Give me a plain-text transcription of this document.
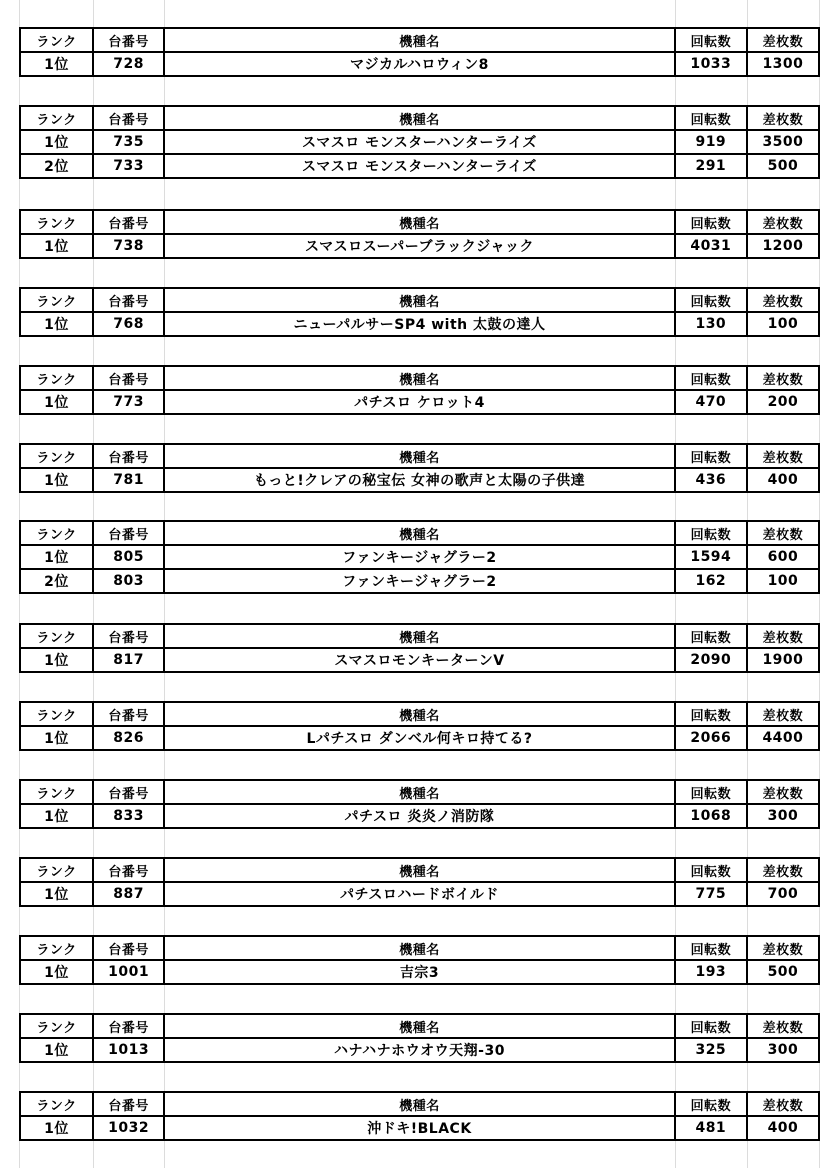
ランク	台番号	機種名	回転数	差枚数
1位	728	マジカルハロウィン8	1033	1300
ランク	台番号	機種名	回転数	差枚数
1位	735	スマスロ モンスターハンターライズ	919	3500
2位	733	スマスロ モンスターハンターライズ	291	500
ランク	台番号	機種名	回転数	差枚数
1位	738	スマスロスーパーブラックジャック	4031	1200
ランク	台番号	機種名	回転数	差枚数
1位	768	ニューパルサーSP4 with 太鼓の達人	130	100
ランク	台番号	機種名	回転数	差枚数
1位	773	パチスロ ケロット4	470	200
ランク	台番号	機種名	回転数	差枚数
1位	781	もっと!クレアの秘宝伝 女神の歌声と太陽の子供達	436	400
ランク	台番号	機種名	回転数	差枚数
1位	805	ファンキージャグラー2	1594	600
2位	803	ファンキージャグラー2	162	100
ランク	台番号	機種名	回転数	差枚数
1位	817	スマスロモンキーターンV	2090	1900
ランク	台番号	機種名	回転数	差枚数
1位	826	Lパチスロ ダンベル何キロ持てる?	2066	4400
ランク	台番号	機種名	回転数	差枚数
1位	833	パチスロ 炎炎ノ消防隊	1068	300
ランク	台番号	機種名	回転数	差枚数
1位	887	パチスロハードボイルド	775	700
ランク	台番号	機種名	回転数	差枚数
1位	1001	吉宗3	193	500
ランク	台番号	機種名	回転数	差枚数
1位	1013	ハナハナホウオウ天翔-30	325	300
ランク	台番号	機種名	回転数	差枚数
1位	1032	沖ドキ!BLACK	481	400
